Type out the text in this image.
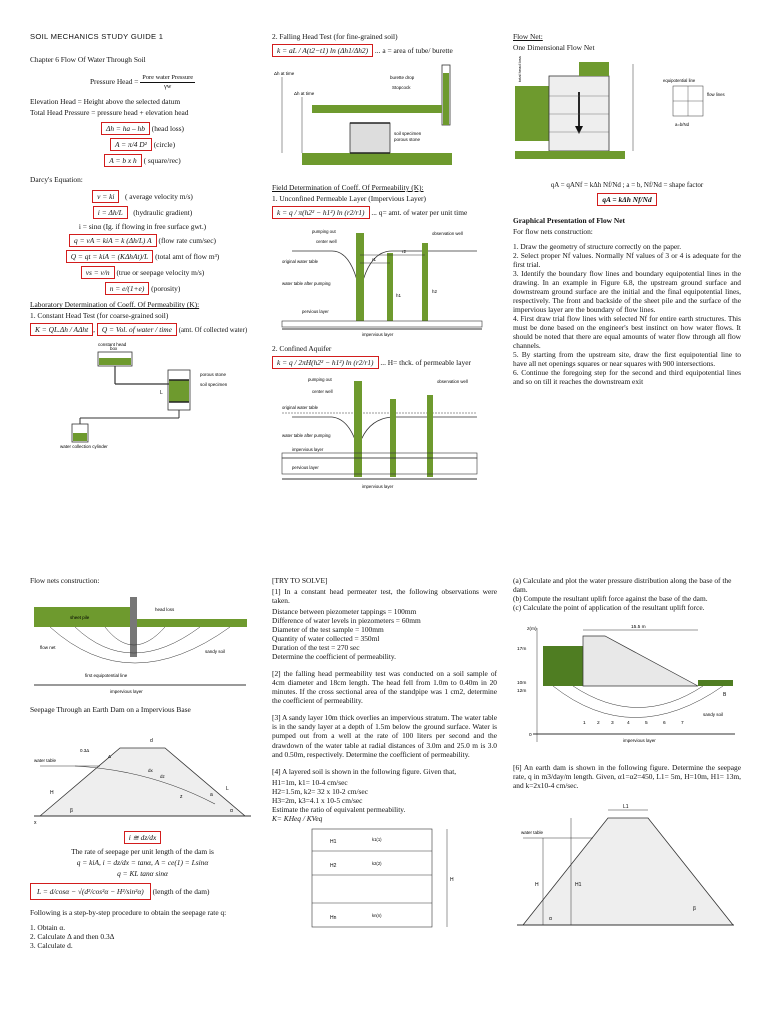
SOIL MECHANICS STUDY GUIDE 1
Chapter 6 Flow Of Water Through Soil
Pressure Head = Pore water Pressure
γw
Elevation Head = Height above the selected datum
Total Head Pressure = pressure head + elevation head
Δh = ha – hb (head loss)
A = π/4 D² (circle)
A = b x h ( square/rec)
Darcy's Equation:
v = ki ( average velocity m/s)
i = Δh/L (hydraulic gradient)
i = sinα (Ig. if flowing in free surface gwt.)
q = vA = kiA = k (Δh/L) A (flow rate cum/sec)
Q = qt = kiA = (KΔhAt)/L (total amt of flow m³)
vs = v/n (true or seepage velocity m/s)
n = e/(1+e) (porosity)
Laboratory Determination of Coeff. Of Permeability (K):
1. Constant Head Test (for coarse-grained soil)
K = QL.Δh / AΔht , Q = Vol. of water / time (amt. Of collected water)
constant head
box
porous stone
soil specimen
water collection cylinder
L
2. Falling Head Test (for fine-grained soil)
k = aL / A(t2−t1) ln (Δh1/Δh2) ... a = area of tube/ burette
Δh at time
Δh at time
burette drop
Stopcock
soil specimen
porous stone
Field Determination of Coeff. Of Permeability (K):
1. Unconfined Permeable Layer (Impervious Layer)
k = q / π(h2² − h1²) ln (r2/r1) ... q= amt. of water per unit time
pumping out
center well
observation well
original water table
water table after pumping
pervious layer
impervious layer
r1
r2
h1
h2
2. Confined Aquifer
k = q / 2πH(h2² − h1²) ln (r2/r1) ... H= thck. of permeable layer
pumping out
center well
observation well
original water table
water table after pumping
impervious layer
pervious layer
impervious layer
Flow Net:
One Dimensional Flow Net
total head loss	equipotential line
flow lines
a=b/Nd
qA = qANf = kΔh Nf/Nd ; a = b, Nf/Nd = shape factor
qA = kΔh Nf/Nd
Graphical Presentation of Flow Net
For flow nets construction:
1. Draw the geometry of structure correctly on the paper.
2. Select proper Nf values. Normally Nf values of 3 or 4 is adequate for the first trial.
3. Identify the boundary flow lines and boundary equipotential lines in the drawing. In an example in Figure 6.8, the upstream ground surface and downstream ground surface are the initial and the final equipotential lines, respectively. The front and backside of the sheet pile and the surface of the impervious layer are the boundary of flow lines.
4. First draw trial flow lines with selected Nf for entire earth structures. This must be done based on the engineer's best instinct on how water flows. It should be noted that there are equal amounts of water flow through all flow channels.
5. By starting from the upstream site, draw the first equipotential line to have all net openings squares or near squares with 900 intersections.
6. Continue the foregoing step for the second and third equipotential lines and so on till it reaches the downstream exit
Flow nets construction:
sheet pile
head loss
flow net
sandy soil
first equipotential line
impervious layer
Seepage Through an Earth Dam on a Impervious Base
water table
0.3Δ
Δ
d
a
H
L
x
z
β	α
dz
dx
i ≅ dz/dx
The rate of seepage per unit length of the dam is
q = kiA, i = dz/dx = tanα, A = ce(1) = Lsinα
q = KL tanα sinα
L = d/cosα − √(d²/cos²α − H²/sin²α) (length of the dam)
Following is a step-by-step procedure to obtain the seepage rate q:
1. Obtain α.
2. Calculate Δ and then 0.3Δ
3. Calculate d.
[TRY TO SOLVE]
[1] In a constant head permeater test, the following observations were taken.
Distance between piezometer tappings = 100mm
Difference of water levels in piezometers = 60mm
Diameter of the test sample = 100mm
Quantity of water collected = 350ml
Duration of the test = 270 sec
Determine the coefficient of permeability.
[2] the falling head permeability test was conducted on a soil sample of 4cm diameter and 18cm length. The head fell from 1.0m to 0.40m in 20 minutes. If the cross sectional area of the standpipe was 1 cm2, determine the coefficient of permeability.
[3] A sandy layer 10m thick overlies an impervious stratum. The water table is in the sandy layer at a depth of 1.5m below the ground surface. Water is pumped out from a well at the rate of 100 liters per second and the drawdown of the water table at radial distances of 3.0m and 25.0 m is 3.0 and 0.50m, respectively. Determine the coefficient of permeability.
[4] A layered soil is shown in the following figure. Given that,
H1=1m, k1= 10-4 cm/sec
H2=1.5m, k2= 32 x 10-2 cm/sec
H3=2m, k3=4.1 x 10-5 cm/sec
Estimate the ratio of equivalent permeability.
K= KHeq / KVeq
H1
H2
Hn
H
k1(1)
k2(2)
kn(n)
(a) Calculate and plot the water pressure distribution along the base of the dam.
(b) Compute the resultant uplift force against the base of the dam.
(c) Calculate the point of application of the resultant uplift force.
z(m)	15.5 m
17m
10m
12m
B
sandy soil
impervious layer
0
1 2 3	4	5	6	7
[6] An earth dam is shown in the following figure. Determine the seepage rate, q in m3/day/m length. Given, α1=α2=450, L1= 5m, H=10m, H1= 13m, and k=2x10-4 cm/sec.
L1
water table
H	H1
α
β
